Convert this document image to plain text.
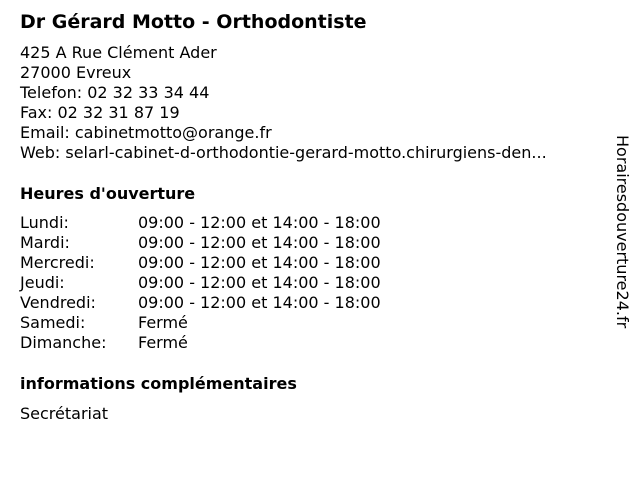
Dr Gérard Motto - Orthodontiste
425 A Rue Clément Ader
27000 Evreux
Telefon: 02 32 33 34 44
Fax: 02 32 31 87 19
Email: cabinetmotto@orange.fr
Web: selarl-cabinet-d-orthodontie-gerard-motto.chirurgiens-den...
Heures d'ouverture
Lundi:	09:00 - 12:00 et 14:00 - 18:00
Mardi:	09:00 - 12:00 et 14:00 - 18:00
Mercredi:	09:00 - 12:00 et 14:00 - 18:00
Jeudi:	09:00 - 12:00 et 14:00 - 18:00
Vendredi:	09:00 - 12:00 et 14:00 - 18:00
Samedi:	Fermé
Dimanche:	Fermé
informations complémentaires
Secrétariat
Horairesdouverture24.fr
